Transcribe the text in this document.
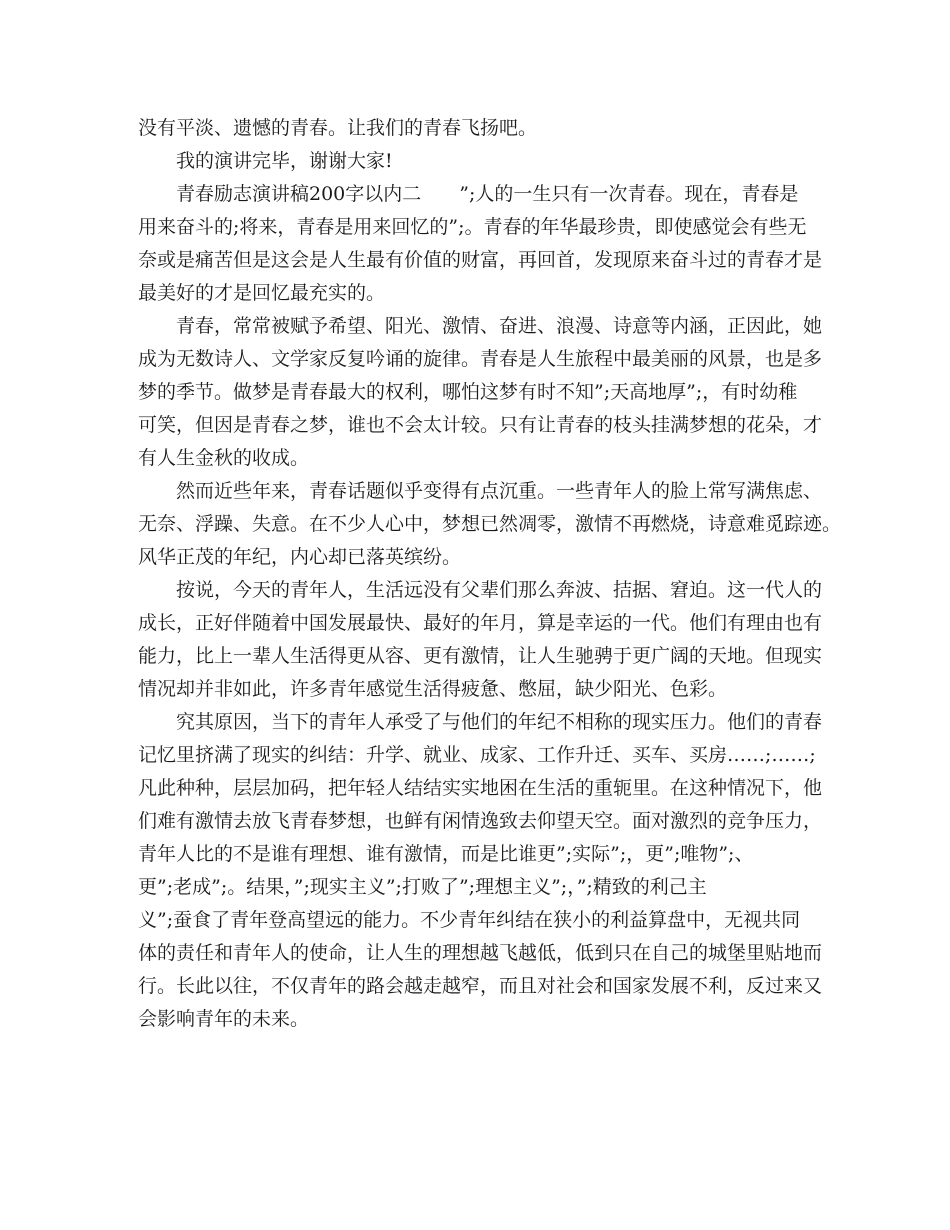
没有平淡、遗憾的青春。让我们的青春飞扬吧。
我的演讲完毕，谢谢大家!
青春励志演讲稿200字以内二　　”;人的一生只有一次青春。现在，青春是
用来奋斗的;将来，青春是用来回忆的”;。青春的年华最珍贵，即使感觉会有些无
奈或是痛苦但是这会是人生最有价值的财富，再回首，发现原来奋斗过的青春才是
最美好的才是回忆最充实的。
青春，常常被赋予希望、阳光、激情、奋进、浪漫、诗意等内涵，正因此，她
成为无数诗人、文学家反复吟诵的旋律。青春是人生旅程中最美丽的风景，也是多
梦的季节。做梦是青春最大的权利，哪怕这梦有时不知”;天高地厚”;，有时幼稚
可笑，但因是青春之梦，谁也不会太计较。只有让青春的枝头挂满梦想的花朵，才
有人生金秋的收成。
然而近些年来，青春话题似乎变得有点沉重。一些青年人的脸上常写满焦虑、
无奈、浮躁、失意。在不少人心中，梦想已然凋零，激情不再燃烧，诗意难觅踪迹。
风华正茂的年纪，内心却已落英缤纷。
按说，今天的青年人，生活远没有父辈们那么奔波、拮据、窘迫。这一代人的
成长，正好伴随着中国发展最快、最好的年月，算是幸运的一代。他们有理由也有
能力，比上一辈人生活得更从容、更有激情，让人生驰骋于更广阔的天地。但现实
情况却并非如此，许多青年感觉生活得疲惫、憋屈，缺少阳光、色彩。
究其原因，当下的青年人承受了与他们的年纪不相称的现实压力。他们的青春
记忆里挤满了现实的纠结：升学、就业、成家、工作升迁、买车、买房……;……;
凡此种种，层层加码，把年轻人结结实实地困在生活的重轭里。在这种情况下，他
们难有激情去放飞青春梦想，也鲜有闲情逸致去仰望天空。面对激烈的竞争压力，
青年人比的不是谁有理想、谁有激情，而是比谁更”;实际”;，更”;唯物”;、
更”;老成”;。结果，”;现实主义”;打败了”;理想主义”;，”;精致的利己主
义”;蚕食了青年登高望远的能力。不少青年纠结在狭小的利益算盘中，无视共同
体的责任和青年人的使命，让人生的理想越飞越低，低到只在自己的城堡里贴地而
行。长此以往，不仅青年的路会越走越窄，而且对社会和国家发展不利，反过来又
会影响青年的未来。
